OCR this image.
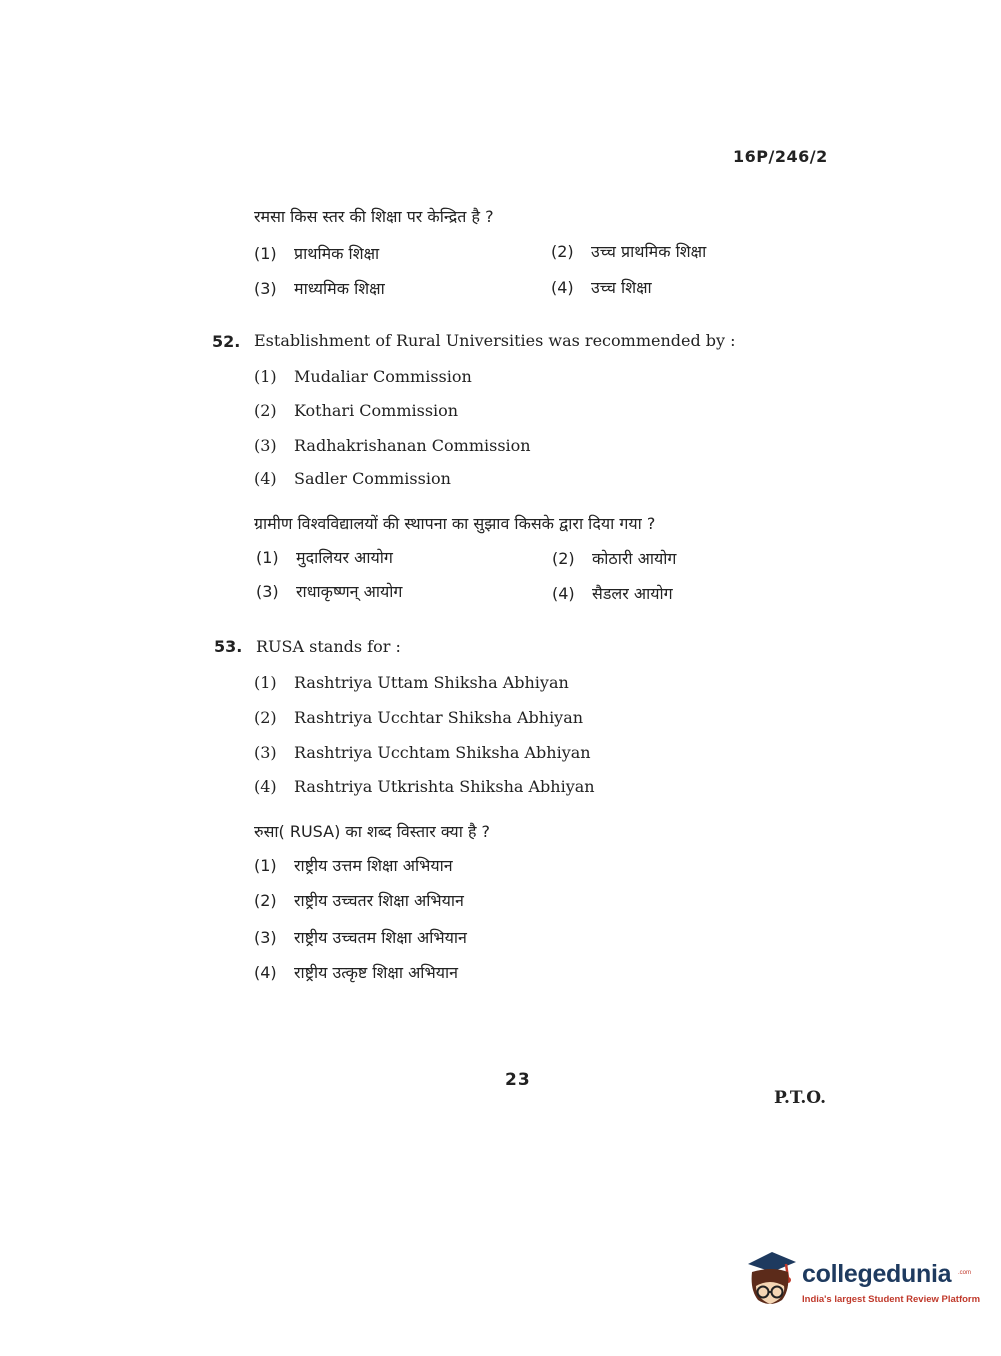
16P/246/2
रमसा किस स्तर की शिक्षा पर केन्द्रित है ?
(1) प्राथमिक शिक्षा	(2) उच्च प्राथमिक शिक्षा
(3) माध्यमिक शिक्षा	(4) उच्च शिक्षा
52. Establishment of Rural Universities was recommended by :
(1) Mudaliar Commission
(2) Kothari Commission
(3) Radhakrishanan Commission
(4) Sadler Commission
ग्रामीण विश्वविद्यालयों की स्थापना का सुझाव किसके द्वारा दिया गया ?
(1) मुदालियर आयोग	(2) कोठारी आयोग
(3) राधाकृष्णन् आयोग	(4) सैडलर आयोग
53. RUSA stands for :
(1) Rashtriya Uttam Shiksha Abhiyan
(2) Rashtriya Ucchtar Shiksha Abhiyan
(3) Rashtriya Ucchtam Shiksha Abhiyan
(4) Rashtriya Utkrishta Shiksha Abhiyan
रुसा( RUSA) का शब्द विस्तार क्या है ?
(1) राष्ट्रीय उत्तम शिक्षा अभियान
(2) राष्ट्रीय उच्चतर शिक्षा अभियान
(3) राष्ट्रीय उच्चतम शिक्षा अभियान
(4) राष्ट्रीय उत्कृष्ट शिक्षा अभियान
23
P.T.O.
collegedunia .com
India's largest Student Review Platform
